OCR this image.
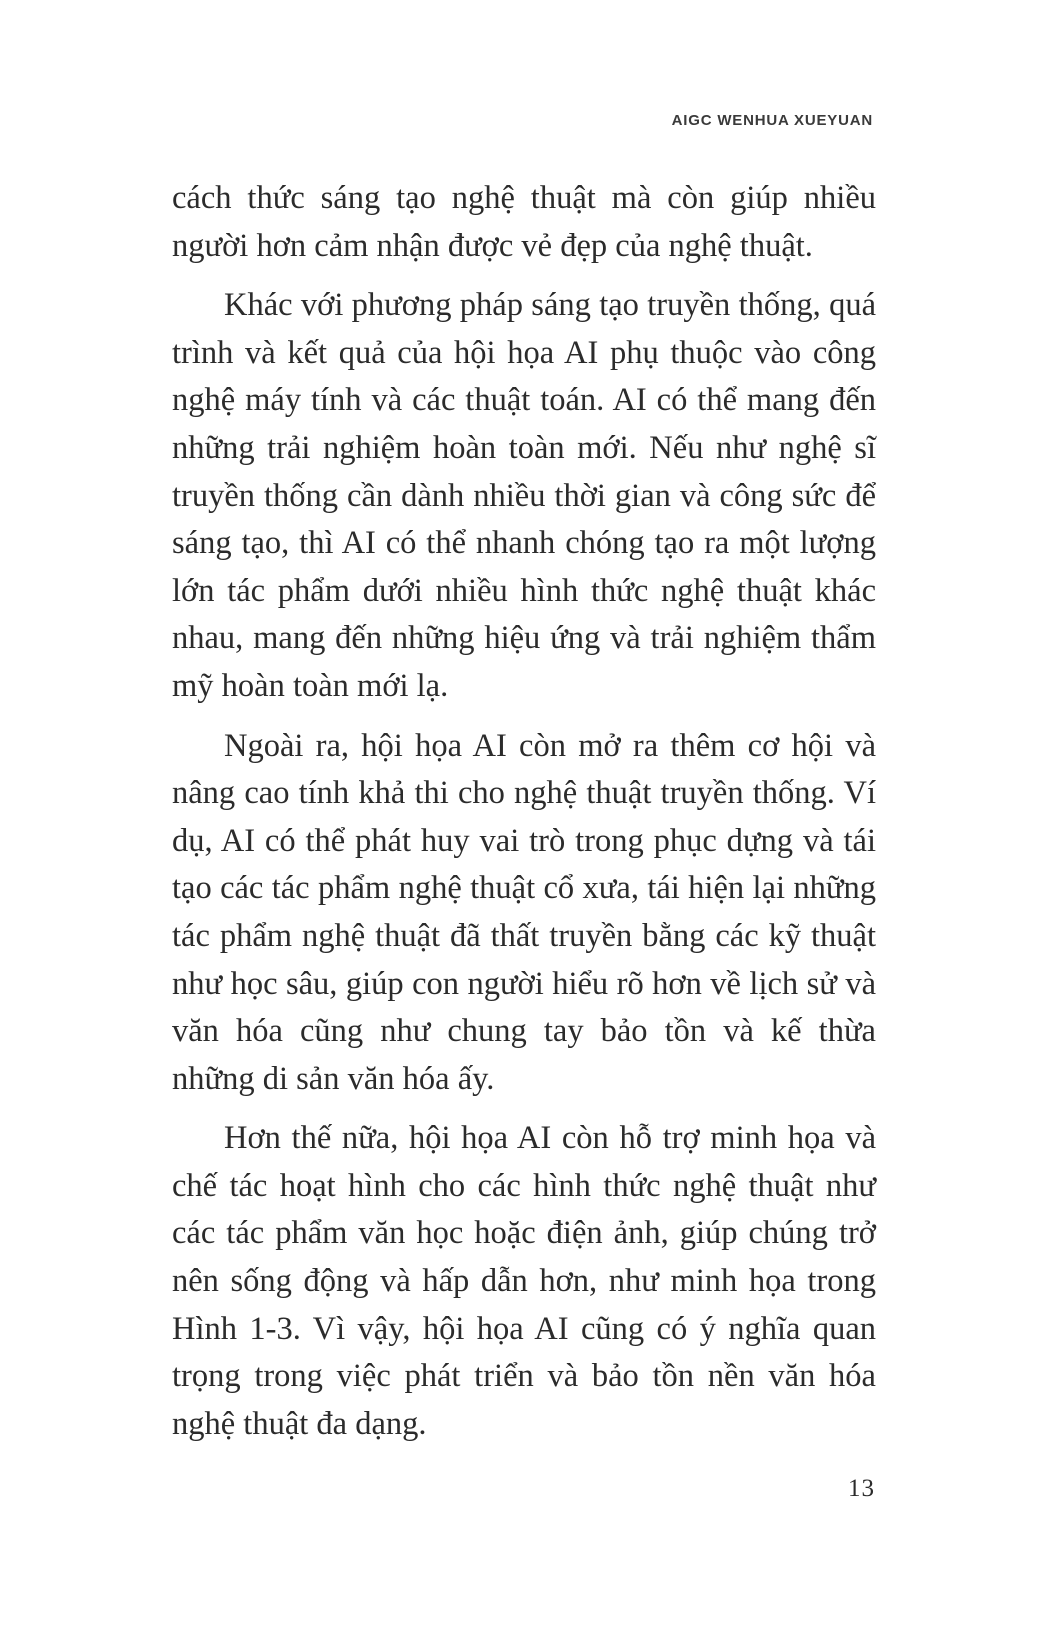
AIGC WENHUA XUEYUAN

cách thức sáng tạo nghệ thuật mà còn giúp nhiều người hơn cảm nhận được vẻ đẹp của nghệ thuật.

Khác với phương pháp sáng tạo truyền thống, quá trình và kết quả của hội họa AI phụ thuộc vào công nghệ máy tính và các thuật toán. AI có thể mang đến những trải nghiệm hoàn toàn mới. Nếu như nghệ sĩ truyền thống cần dành nhiều thời gian và công sức để sáng tạo, thì AI có thể nhanh chóng tạo ra một lượng lớn tác phẩm dưới nhiều hình thức nghệ thuật khác nhau, mang đến những hiệu ứng và trải nghiệm thẩm mỹ hoàn toàn mới lạ.

Ngoài ra, hội họa AI còn mở ra thêm cơ hội và nâng cao tính khả thi cho nghệ thuật truyền thống. Ví dụ, AI có thể phát huy vai trò trong phục dựng và tái tạo các tác phẩm nghệ thuật cổ xưa, tái hiện lại những tác phẩm nghệ thuật đã thất truyền bằng các kỹ thuật như học sâu, giúp con người hiểu rõ hơn về lịch sử và văn hóa cũng như chung tay bảo tồn và kế thừa những di sản văn hóa ấy.

Hơn thế nữa, hội họa AI còn hỗ trợ minh họa và chế tác hoạt hình cho các hình thức nghệ thuật như các tác phẩm văn học hoặc điện ảnh, giúp chúng trở nên sống động và hấp dẫn hơn, như minh họa trong Hình 1-3. Vì vậy, hội họa AI cũng có ý nghĩa quan trọng trong việc phát triển và bảo tồn nền văn hóa nghệ thuật đa dạng.

13
